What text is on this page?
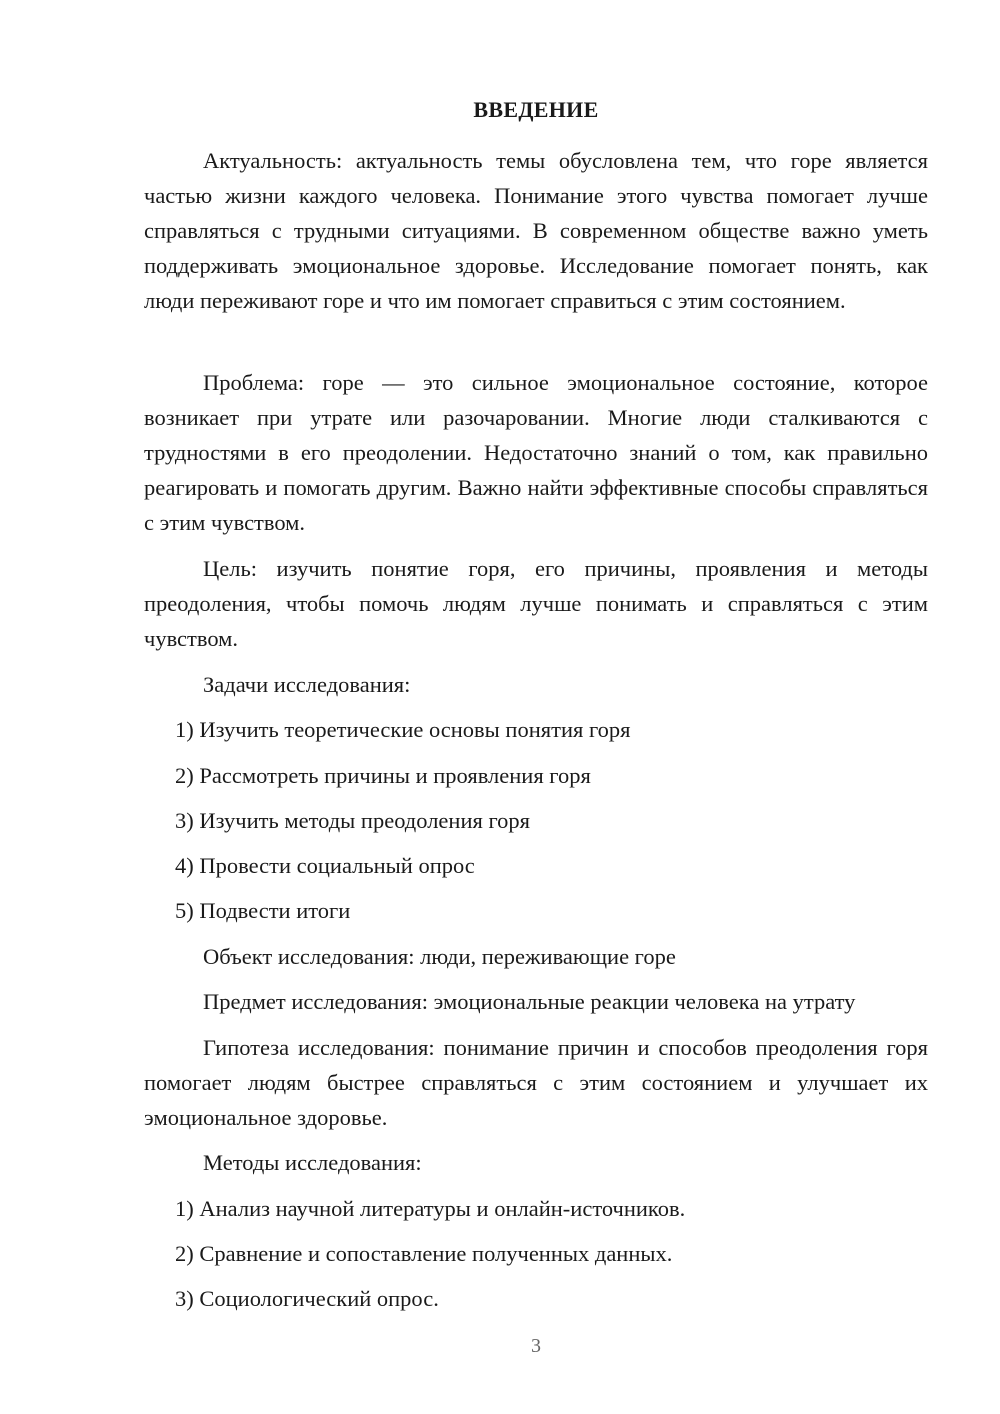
ВВЕДЕНИЕ

Актуальность: актуальность темы обусловлена тем, что горе является частью жизни каждого человека. Понимание этого чувства помогает лучше справляться с трудными ситуациями. В современном обществе важно уметь поддерживать эмоциональное здоровье. Исследование помогает понять, как люди переживают горе и что им помогает справиться с этим состоянием.

Проблема: горе — это сильное эмоциональное состояние, которое возникает при утрате или разочаровании. Многие люди сталкиваются с трудностями в его преодолении. Недостаточно знаний о том, как правильно реагировать и помогать другим. Важно найти эффективные способы справляться с этим чувством.

Цель: изучить понятие горя, его причины, проявления и методы преодоления, чтобы помочь людям лучше понимать и справляться с этим чувством.

Задачи исследования:

1) Изучить теоретические основы понятия горя

2) Рассмотреть причины и проявления горя

3) Изучить методы преодоления горя

4) Провести социальный опрос

5) Подвести итоги

Объект исследования: люди, переживающие горе

Предмет исследования: эмоциональные реакции человека на утрату

Гипотеза исследования: понимание причин и способов преодоления горя помогает людям быстрее справляться с этим состоянием и улучшает их эмоциональное здоровье.

Методы исследования:

1) Анализ научной литературы и онлайн-источников.

2) Сравнение и сопоставление полученных данных.

3) Социологический опрос.

3
